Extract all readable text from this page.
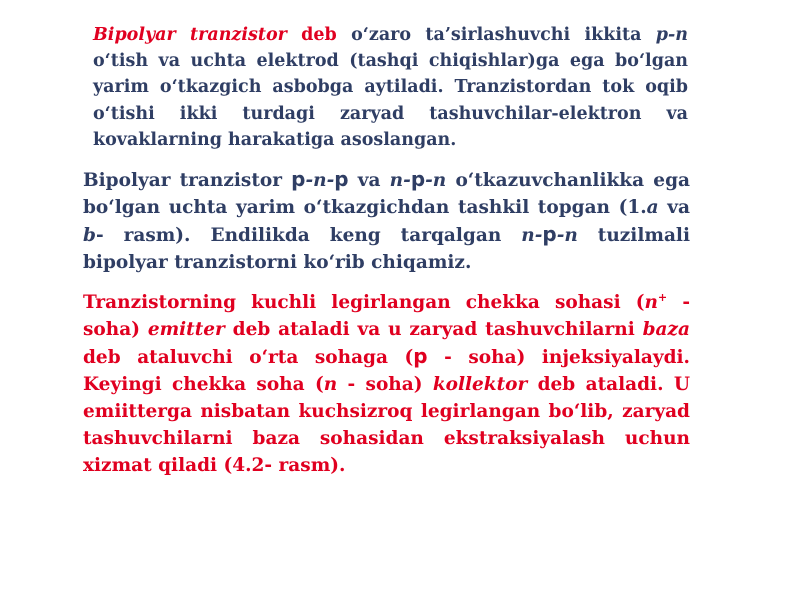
Bipolyar tranzistor deb o‘zaro ta’sirlashuvchi ikkita p-n o‘tish va uchta elektrod (tashqi chiqishlar)ga ega bo‘lgan yarim o‘tkazgich asbobga aytiladi. Tranzistordan tok oqib o‘tishi ikki turdagi zaryad tashuvchilar-elektron va kovaklarning harakatiga asoslangan.

Bipolyar tranzistor p-n-p va n-p-n o‘tkazuvchanlikka ega bo‘lgan uchta yarim o‘tkazgichdan tashkil topgan (1.a va b- rasm). Endilikda keng tarqalgan n-p-n tuzilmali bipolyar tranzistorni ko‘rib chiqamiz.

Tranzistorning kuchli legirlangan chekka sohasi (n+ - soha) emitter deb ataladi va u zaryad tashuvchilarni baza deb ataluvchi o‘rta sohaga (p - soha) injeksiyalaydi. Keyingi chekka soha (n - soha) kollektor deb ataladi. U emiitterga nisbatan kuchsizroq legirlangan bo‘lib, zaryad tashuvchilarni baza sohasidan ekstraksiyalash uchun xizmat qiladi (4.2- rasm).
